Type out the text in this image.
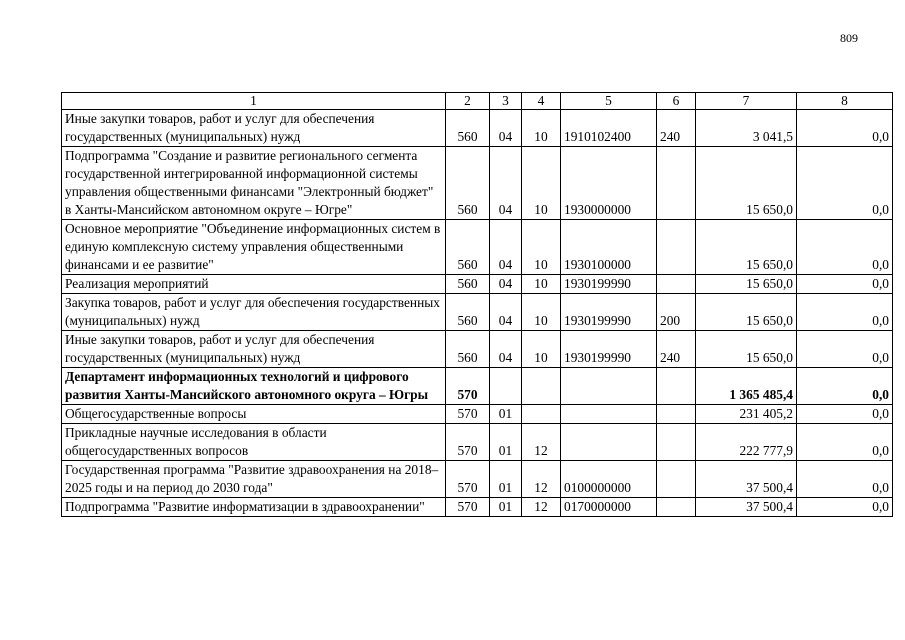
809
1	2	3	4	5	6	7	8
Иные закупки товаров, работ и услуг для обеспечения государственных (муниципальных) нужд	560	04	10	1910102400	240	3 041,5	0,0
Подпрограмма "Создание и развитие регионального сегмента государственной интегрированной информационной системы управления общественными финансами "Электронный бюджет" в Ханты-Мансийском автономном округе – Югре"	560	04	10	1930000000		15 650,0	0,0
Основное мероприятие "Объединение информационных систем в единую комплексную систему управления общественными финансами и ее развитие"	560	04	10	1930100000		15 650,0	0,0
Реализация мероприятий	560	04	10	1930199990		15 650,0	0,0
Закупка товаров, работ и услуг для обеспечения государственных (муниципальных) нужд	560	04	10	1930199990	200	15 650,0	0,0
Иные закупки товаров, работ и услуг для обеспечения государственных (муниципальных) нужд	560	04	10	1930199990	240	15 650,0	0,0
Департамент информационных технологий и цифрового развития Ханты-Мансийского автономного округа – Югры	570					1 365 485,4	0,0
Общегосударственные вопросы	570	01				231 405,2	0,0
Прикладные научные исследования в области общегосударственных вопросов	570	01	12			222 777,9	0,0
Государственная программа "Развитие здравоохранения на 2018–2025 годы и на период до 2030 года"	570	01	12	0100000000		37 500,4	0,0
Подпрограмма "Развитие информатизации в здравоохранении"	570	01	12	0170000000		37 500,4	0,0
